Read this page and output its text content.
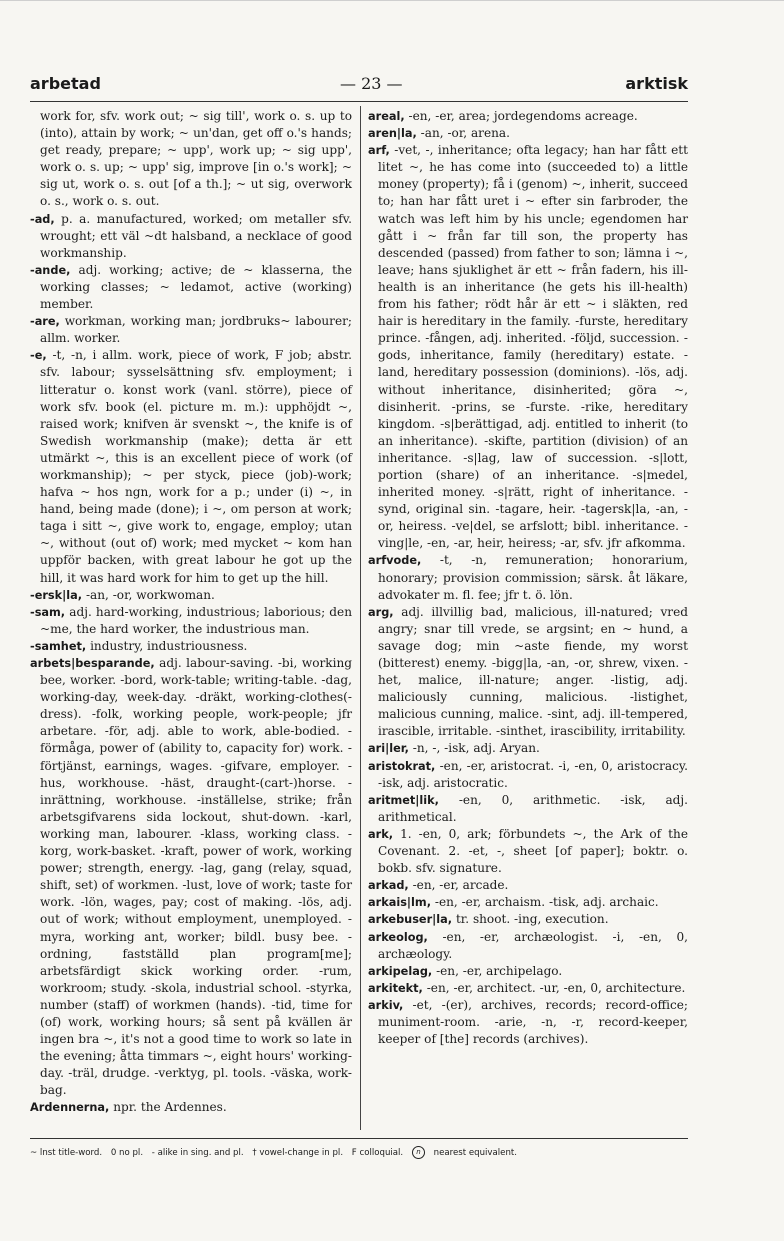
arbetad	— 23 —	arktisk

work for, sfv. work out; ~ sig till', work o. s. up to (into), attain by work; ~ un'dan, get off o.'s hands; get ready, prepare; ~ upp', work up; ~ sig upp', work o. s. up; ~ upp' sig, improve [in o.'s work]; ~ sig ut, work o. s. out [of a th.]; ~ ut sig, overwork o. s., work o. s. out.

-ad, p. a. manufactured, worked; om metaller sfv. wrought; ett väl ~dt halsband, a necklace of good workmanship.

-ande, adj. working; active; de ~ klasserna, the working classes; ~ ledamot, active (working) member.

-are, workman, working man; jordbruks~ labourer; allm. worker.

-e, -t, -n, i allm. work, piece of work, F job; abstr. sfv. labour; sysselsättning sfv. employment; i litteratur o. konst work (vanl. större), piece of work sfv. book (el. picture m. m.): upphöjdt ~, raised work; knifven är svenskt ~, the knife is of Swedish workmanship (make); detta är ett utmärkt ~, this is an excellent piece of work (of workmanship); ~ per styck, piece (job)-work; hafva ~ hos ngn, work for a p.; under (i) ~, in hand, being made (done); i ~, om person at work; taga i sitt ~, give work to, engage, employ; utan ~, without (out of) work; med mycket ~ kom han uppför backen, with great labour he got up the hill, it was hard work for him to get up the hill.

-ersk|la, -an, -or, workwoman.

-sam, adj. hard-working, industrious; laborious; den ~me, the hard worker, the industrious man.

-samhet, industry, industriousness.

arbets|besparande, adj. labour-saving. -bi, working bee, worker. -bord, work-table; writing-table. -dag, working-day, week-day. -dräkt, working-clothes(-dress). -folk, working people, work-people; jfr arbetare. -för, adj. able to work, able-bodied. -förmåga, power of (ability to, capacity for) work. -förtjänst, earnings, wages. -gifvare, employer. -hus, workhouse. -häst, draught-(cart-)horse. -inrättning, workhouse. -inställelse, strike; från arbetsgifvarens sida lockout, shut-down. -karl, working man, labourer. -klass, working class. -korg, work-basket. -kraft, power of work, working power; strength, energy. -lag, gang (relay, squad, shift, set) of workmen. -lust, love of work; taste for work. -lön, wages, pay; cost of making. -lös, adj. out of work; without employment, unemployed. -myra, working ant, worker; bildl. busy bee. -ordning, fastställd plan program[me]; arbetsfärdigt skick working order. -rum, workroom; study. -skola, industrial school. -styrka, number (staff) of workmen (hands). -tid, time for (of) work, working hours; så sent på kvällen är ingen bra ~, it's not a good time to work so late in the evening; åtta timmars ~, eight hours' working-day. -träl, drudge. -verktyg, pl. tools. -väska, work-bag.

Ardennerna, npr. the Ardennes.

areal, -en, -er, area; jordegendoms acreage.

aren|la, -an, -or, arena.

arf, -vet, -, inheritance; ofta legacy; han har fått ett litet ~, he has come into (succeeded to) a little money (property); få i (genom) ~, inherit, succeed to; han har fått uret i ~ efter sin farbroder, the watch was left him by his uncle; egendomen har gått i ~ från far till son, the property has descended (passed) from father to son; lämna i ~, leave; hans sjuklighet är ett ~ från fadern, his ill-health is an inheritance (he gets his ill-health) from his father; rödt hår är ett ~ i släkten, red hair is hereditary in the family. -furste, hereditary prince. -fången, adj. inherited. -följd, succession. -gods, inheritance, family (hereditary) estate. -land, hereditary possession (dominions). -lös, adj. without inheritance, disinherited; göra ~, disinherit. -prins, se -furste. -rike, hereditary kingdom. -s|berättigad, adj. entitled to inherit (to an inheritance). -skifte, partition (division) of an inheritance. -s|lag, law of succession. -s|lott, portion (share) of an inheritance. -s|medel, inherited money. -s|rätt, right of inheritance. -synd, original sin. -tagare, heir. -tagersk|la, -an, -or, heiress. -ve|del, se arfslott; bibl. inheritance. -ving|le, -en, -ar, heir, heiress; -ar, sfv. jfr afkomma.

arfvode, -t, -n, remuneration; honorarium, honorary; provision commission; särsk. åt läkare, advokater m. fl. fee; jfr t. ö. lön.

arg, adj. illvillig bad, malicious, ill-natured; vred angry; snar till vrede, se argsint; en ~ hund, a savage dog; min ~aste fiende, my worst (bitterest) enemy. -bigg|la, -an, -or, shrew, vixen. -het, malice, ill-nature; anger. -listig, adj. maliciously cunning, malicious. -listighet, malicious cunning, malice. -sint, adj. ill-tempered, irascible, irritable. -sinthet, irascibility, irritability.

ari|ler, -n, -, -isk, adj. Aryan.

aristokrat, -en, -er, aristocrat. -i, -en, 0, aristocracy. -isk, adj. aristocratic.

aritmet|lik, -en, 0, arithmetic. -isk, adj. arithmetical.

ark, 1. -en, 0, ark; förbundets ~, the Ark of the Covenant. 2. -et, -, sheet [of paper]; boktr. o. bokb. sfv. signature.

arkad, -en, -er, arcade.

arkais|lm, -en, -er, archaism. -tisk, adj. archaic.

arkebuser|la, tr. shoot. -ing, execution.

arkeolog, -en, -er, archæologist. -i, -en, 0, archæology.

arkipelag, -en, -er, archipelago.

arkitekt, -en, -er, architect. -ur, -en, 0, architecture.

arkiv, -et, -(er), archives, records; record-office; muniment-room. -arie, -n, -r, record-keeper, keeper of [the] records (archives).

~ lnst title-word. 0 no pl. - alike in sing. and pl. † vowel-change in pl. F colloquial. n nearest equivalent.
